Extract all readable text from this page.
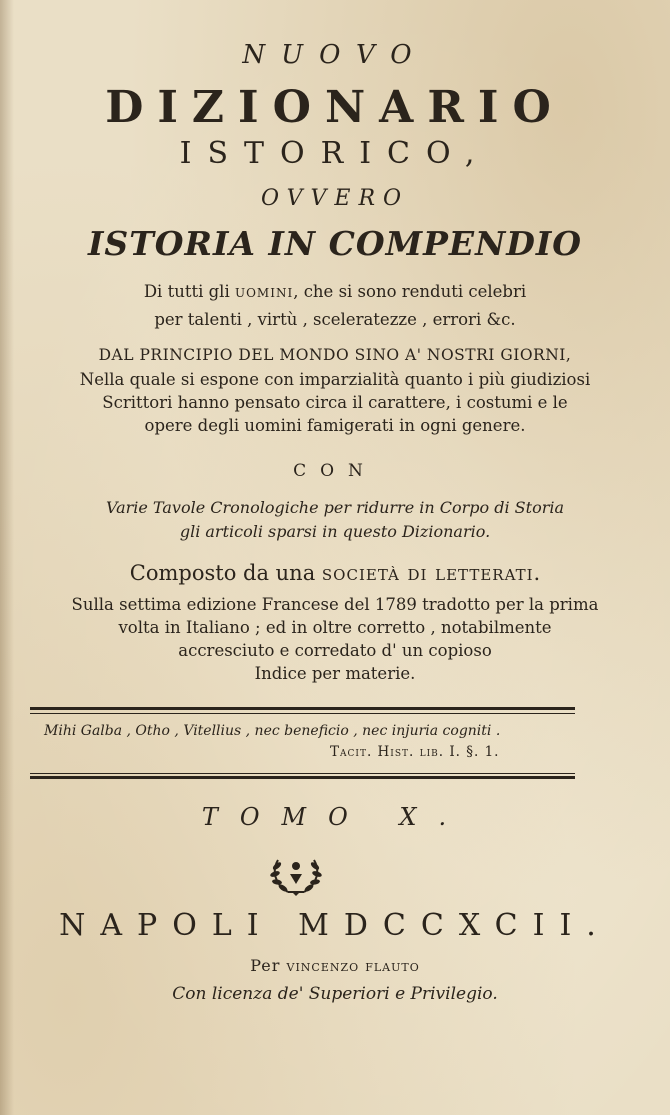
NUOVO
DIZIONARIO
ISTORICO,
OVVERO
ISTORIA IN COMPENDIO
Di tutti gli uomini, che si sono renduti celebri
per talenti , virtù , sceleratezze , errori &c.
DAL PRINCIPIO DEL MONDO SINO A' NOSTRI GIORNI,
Nella quale si espone con imparzialità quanto i più giudiziosi
Scrittori hanno pensato circa il carattere, i costumi e le
opere degli uomini famigerati in ogni genere.
CON
Varie Tavole Cronologiche per ridurre in Corpo di Storia
gli articoli sparsi in questo Dizionario.
Composto da una società di letterati.
Sulla settima edizione Francese del 1789 tradotto per la prima
volta in Italiano ; ed in oltre corretto , notabilmente
accresciuto e corredato d' un copioso
Indice per materie.
Mihi Galba , Otho , Vitellius , nec beneficio , nec injuria cogniti .
Tacit. Hist. lib. I. §. 1.
TOMO X.
NAPOLI MDCCXCII.
Per vincenzo flauto
Con licenza de' Superiori e Privilegio.
